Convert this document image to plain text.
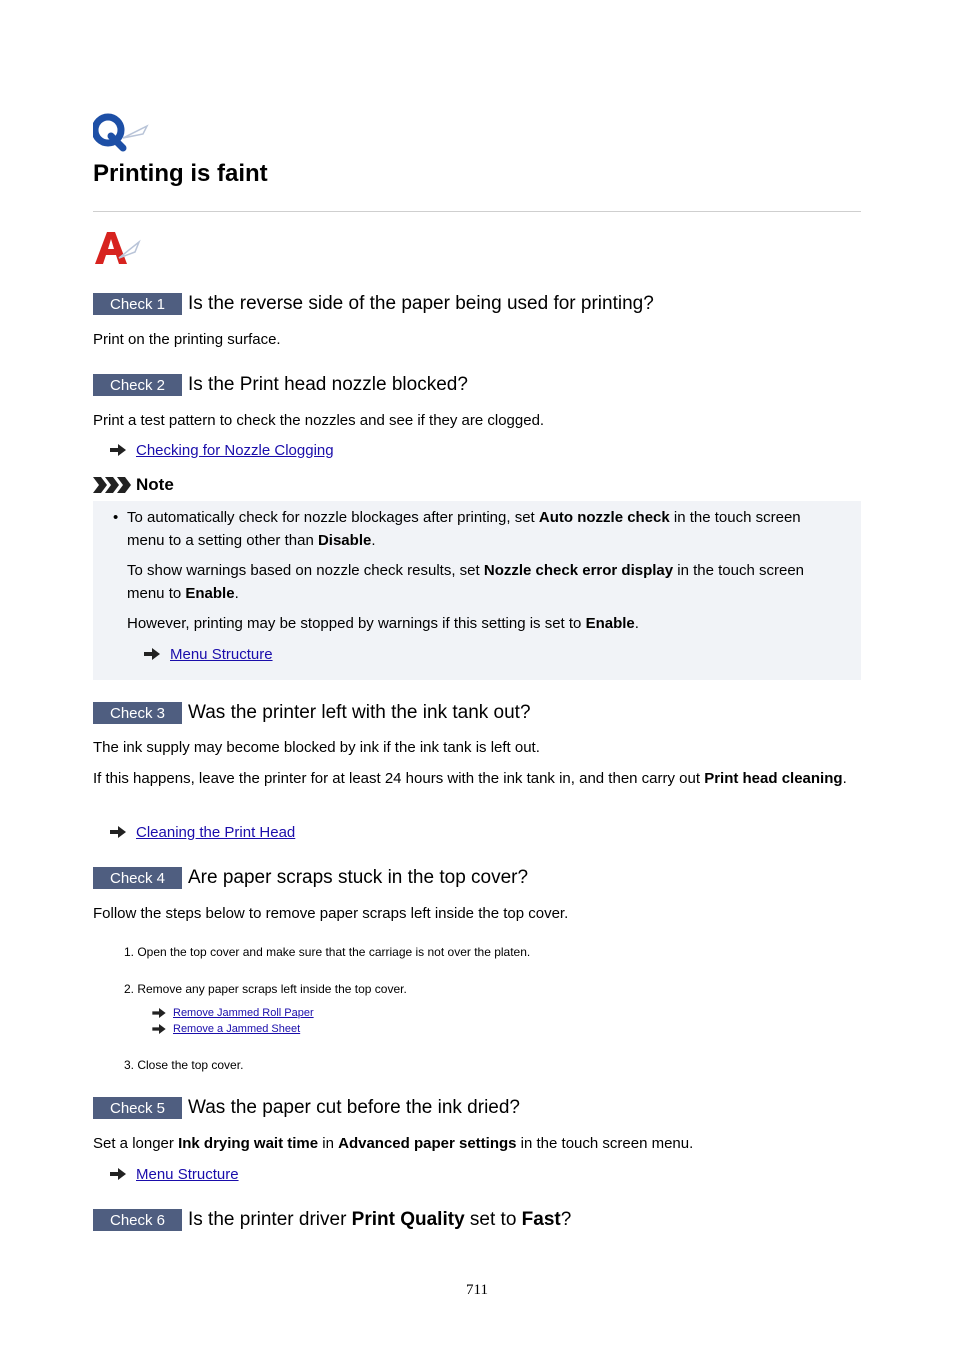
Printing is faint
Check 1	Is the reverse side of the paper being used for printing?
Print on the printing surface.
Check 2	Is the Print head nozzle blocked?
Print a test pattern to check the nozzles and see if they are clogged.
Checking for Nozzle Clogging
Note
• To automatically check for nozzle blockages after printing, set Auto nozzle check in the touch screen menu to a setting other than Disable.
To show warnings based on nozzle check results, set Nozzle check error display in the touch screen menu to Enable.
However, printing may be stopped by warnings if this setting is set to Enable.
Menu Structure
Check 3	Was the printer left with the ink tank out?
The ink supply may become blocked by ink if the ink tank is left out.
If this happens, leave the printer for at least 24 hours with the ink tank in, and then carry out Print head cleaning.
Cleaning the Print Head
Check 4	Are paper scraps stuck in the top cover?
Follow the steps below to remove paper scraps left inside the top cover.
1. Open the top cover and make sure that the carriage is not over the platen.
2. Remove any paper scraps left inside the top cover.
Remove Jammed Roll Paper
Remove a Jammed Sheet
3. Close the top cover.
Check 5	Was the paper cut before the ink dried?
Set a longer Ink drying wait time in Advanced paper settings in the touch screen menu.
Menu Structure
Check 6	Is the printer driver Print Quality set to Fast?
711
